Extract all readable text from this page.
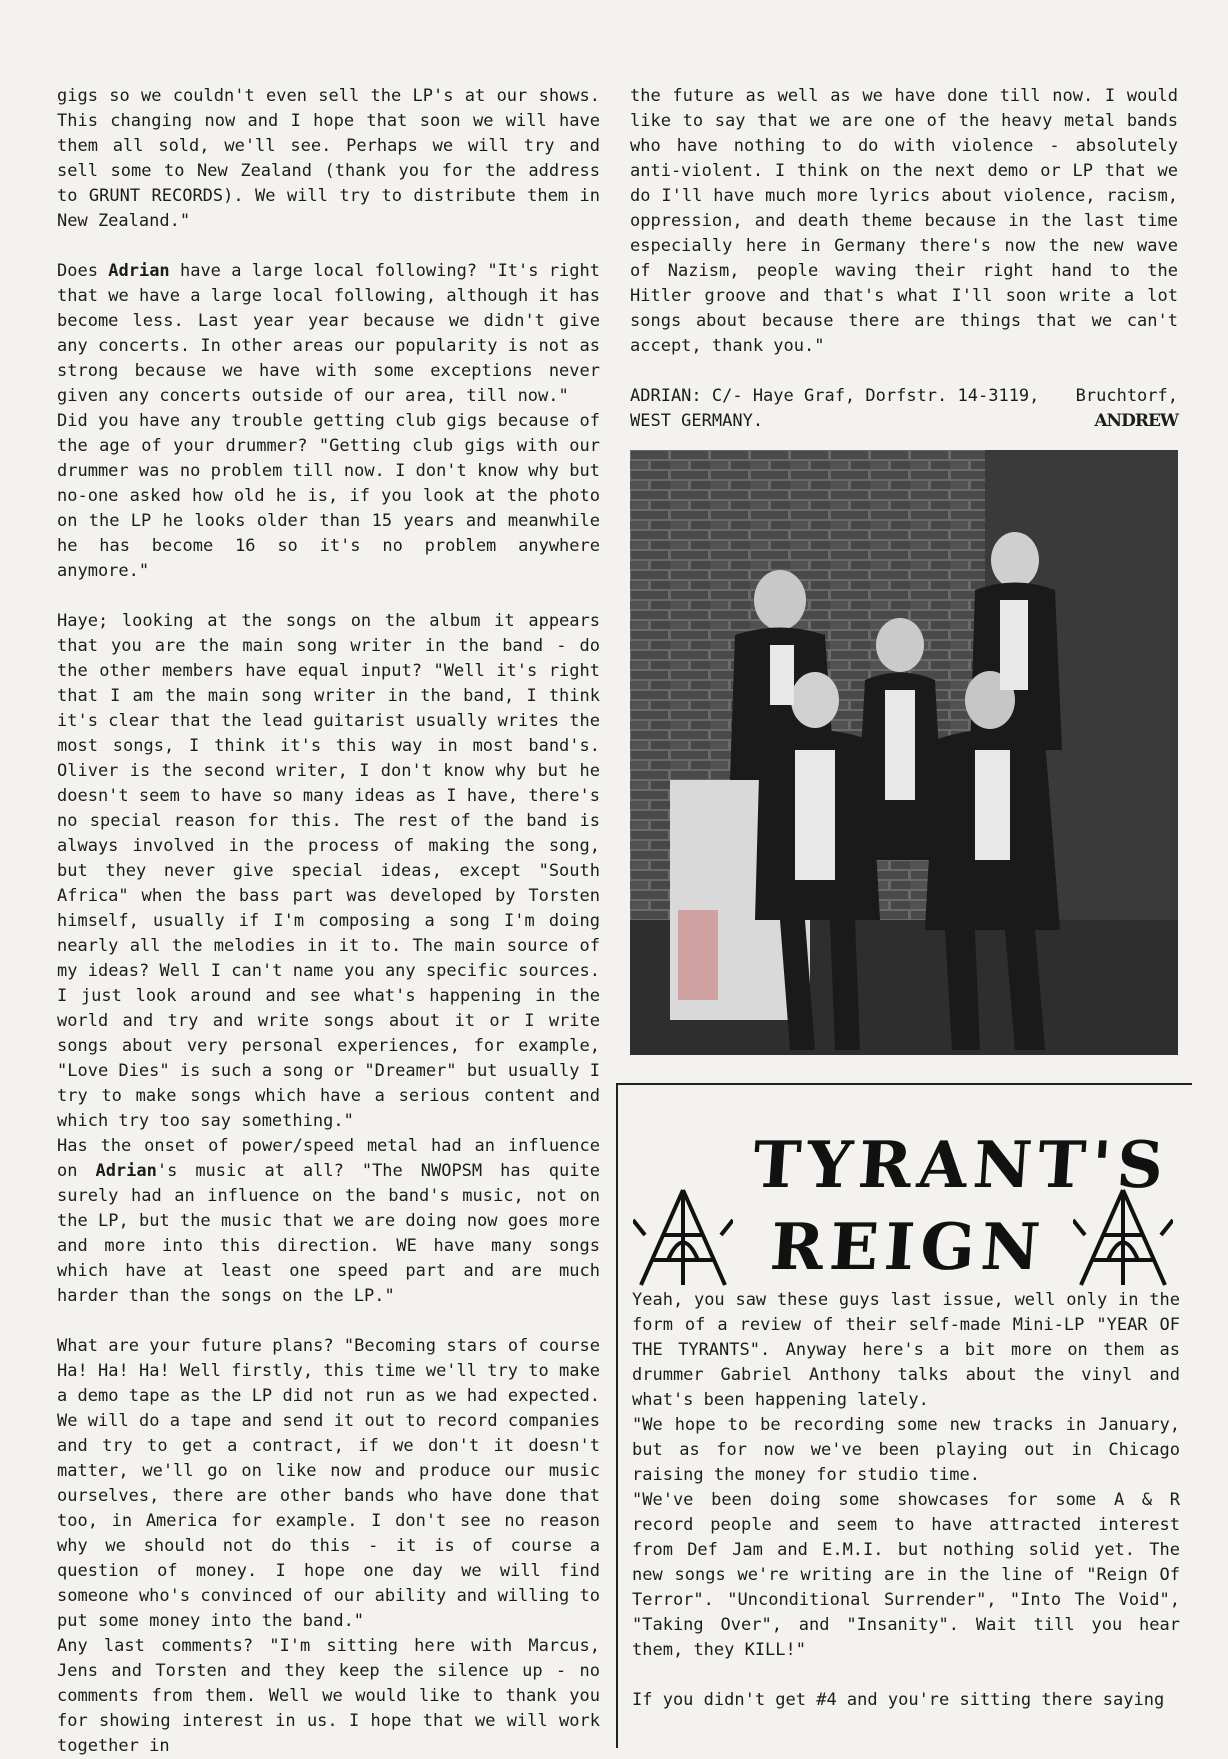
gigs so we couldn't even sell the LP's at our shows. This changing now and I hope that soon we will have them all sold, we'll see. Perhaps we will try and sell some to New Zealand (thank you for the address to GRUNT RECORDS). We will try to distribute them in New Zealand."

Does Adrian have a large local following? "It's right that we have a large local following, although it has become less. Last year year because we didn't give any concerts. In other areas our popularity is not as strong because we have with some exceptions never given any concerts outside of our area, till now."

Did you have any trouble getting club gigs because of the age of your drummer? "Getting club gigs with our drummer was no problem till now. I don't know why but no-one asked how old he is, if you look at the photo on the LP he looks older than 15 years and meanwhile he has become 16 so it's no problem anywhere anymore."

Haye; looking at the songs on the album it appears that you are the main song writer in the band - do the other members have equal input? "Well it's right that I am the main song writer in the band, I think it's clear that the lead guitarist usually writes the most songs, I think it's this way in most band's. Oliver is the second writer, I don't know why but he doesn't seem to have so many ideas as I have, there's no special reason for this. The rest of the band is always involved in the process of making the song, but they never give special ideas, except "South Africa" when the bass part was developed by Torsten himself, usually if I'm composing a song I'm doing nearly all the melodies in it to. The main source of my ideas? Well I can't name you any specific sources. I just look around and see what's happening in the world and try and write songs about it or I write songs about very personal experiences, for example, "Love Dies" is such a song or "Dreamer" but usually I try to make songs which have a serious content and which try too say something."

Has the onset of power/speed metal had an influence on Adrian's music at all? "The NWOPSM has quite surely had an influence on the band's music, not on the LP, but the music that we are doing now goes more and more into this direction. WE have many songs which have at least one speed part and are much harder than the songs on the LP."

What are your future plans? "Becoming stars of course Ha! Ha! Ha! Well firstly, this time we'll try to make a demo tape as the LP did not run as we had expected. We will do a tape and send it out to record companies and try to get a contract, if we don't it doesn't matter, we'll go on like now and produce our music ourselves, there are other bands who have done that too, in America for example. I don't see no reason why we should not do this - it is of course a question of money. I hope one day we will find someone who's convinced of our ability and willing to put some money into the band."

Any last comments? "I'm sitting here with Marcus, Jens and Torsten and they keep the silence up - no comments from them. Well we would like to thank you for showing interest in us. I hope that we will work together in

the future as well as we have done till now. I would like to say that we are one of the heavy metal bands who have nothing to do with violence - absolutely anti-violent. I think on the next demo or LP that we do I'll have much more lyrics about violence, racism, oppression, and death theme because in the last time especially here in Germany there's now the new wave of Nazism, people waving their right hand to the Hitler groove and that's what I'll soon write a lot songs about because there are things that we can't accept, thank you."

ADRIAN: C/- Haye Graf, Dorfstr. 14-3119, Bruchtorf,
WEST GERMANY.	ANDREW
TYRANT'S
REIGN

Yeah, you saw these guys last issue, well only in the form of a review of their self-made Mini-LP "YEAR OF THE TYRANTS". Anyway here's a bit more on them as drummer Gabriel Anthony talks about the vinyl and what's been happening lately.

"We hope to be recording some new tracks in January, but as for now we've been playing out in Chicago raising the money for studio time.

"We've been doing some showcases for some A & R record people and seem to have attracted interest from Def Jam and E.M.I. but nothing solid yet. The new songs we're writing are in the line of "Reign Of Terror". "Unconditional Surrender", "Into The Void", "Taking Over", and "Insanity". Wait till you hear them, they KILL!"

If you didn't get #4 and you're sitting there saying
